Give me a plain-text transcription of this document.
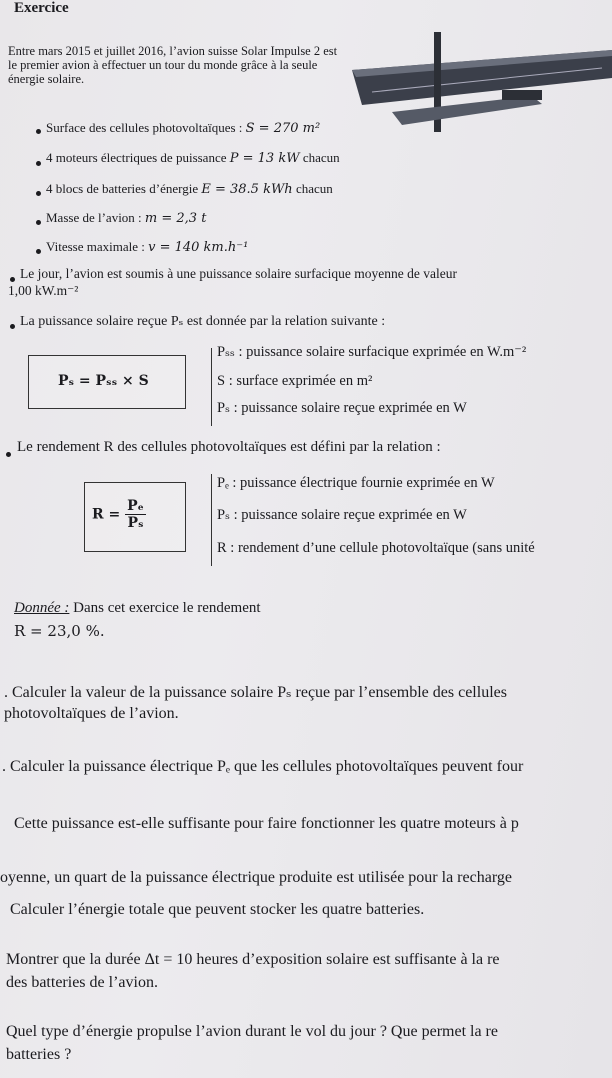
Exercice
Entre mars 2015 et juillet 2016, l’avion suisse Solar Impulse 2 est le premier avion à effectuer un tour du monde grâce à la seule énergie solaire.
Surface des cellules photovoltaïques : S = 270 m²
4 moteurs électriques de puissance P = 13 kW chacun
4 blocs de batteries d’énergie E = 38.5 kWh chacun
Masse de l’avion : m = 2,3 t
Vitesse maximale : v = 140 km.h⁻¹
Le jour, l’avion est soumis à une puissance solaire surfacique moyenne de valeur
1,00 kW.m⁻²
La puissance solaire reçue Pₛ est donnée par la relation suivante :
Pₛ = Pₛₛ × S
Pₛₛ : puissance solaire surfacique exprimée en W.m⁻²
S : surface exprimée en m²
Pₛ : puissance solaire reçue exprimée en W
Le rendement R des cellules photovoltaïques est défini par la relation :
$R = \frac{\text{Pₑ}}{\text{Pₛ}}$
Pₑ : puissance électrique fournie exprimée en W
Pₛ : puissance solaire reçue exprimée en W
R : rendement d’une cellule photovoltaïque (sans unité
Donnée : Dans cet exercice le rendement
R = 23,0 %.
. Calculer la valeur de la puissance solaire Pₛ reçue par l’ensemble des cellules
photovoltaïques de l’avion.
. Calculer la puissance électrique Pₑ que les cellules photovoltaïques peuvent four
Cette puissance est-elle suffisante pour faire fonctionner les quatre moteurs à p
oyenne, un quart de la puissance électrique produite est utilisée pour la recharge
Calculer l’énergie totale que peuvent stocker les quatre batteries.
Montrer que la durée Δt = 10 heures d’exposition solaire est suffisante à la re
des batteries de l’avion.
Quel type d’énergie propulse l’avion durant le vol du jour ? Que permet la re
batteries ?
